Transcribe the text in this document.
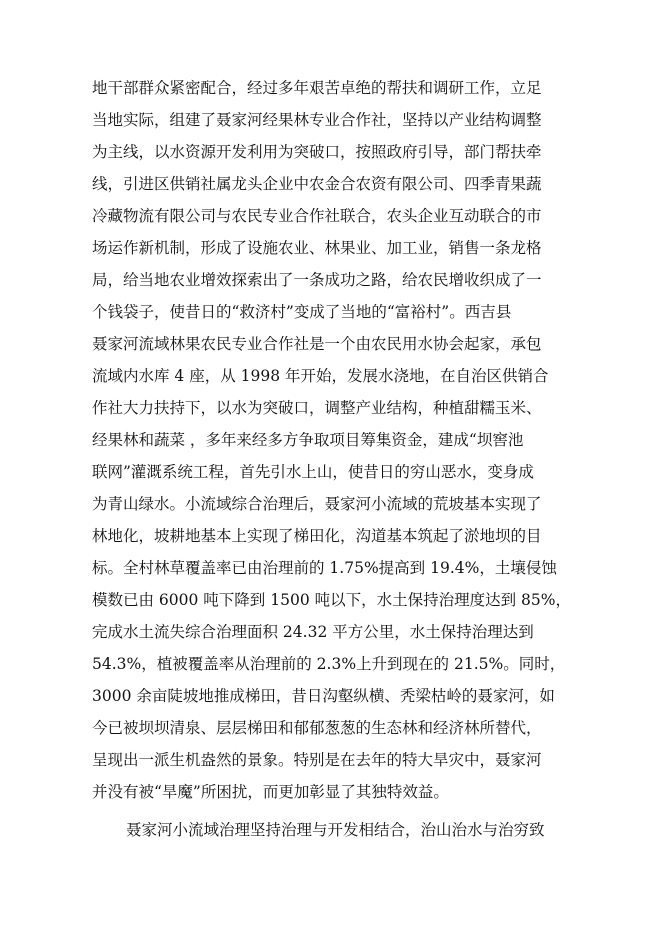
地干部群众紧密配合，经过多年艰苦卓绝的帮扶和调研工作，立足
当地实际，组建了聂家河经果林专业合作社，坚持以产业结构调整
为主线，以水资源开发利用为突破口，按照政府引导，部门帮扶牵
线，引进区供销社属龙头企业中农金合农资有限公司、四季青果蔬
冷藏物流有限公司与农民专业合作社联合，农头企业互动联合的市
场运作新机制，形成了设施农业、林果业、加工业，销售一条龙格
局，给当地农业增效探索出了一条成功之路，给农民增收织成了一
个钱袋子，使昔日的“救济村”变成了当地的“富裕村”。西吉县
聂家河流域林果农民专业合作社是一个由农民用水协会起家，承包
流域内水库 4 座，从 1998 年开始，发展水浇地，在自治区供销合
作社大力扶持下，以水为突破口，调整产业结构，种植甜糯玉米、
经果林和蔬菜 ，多年来经多方争取项目筹集资金，建成“坝窖池
联网”灌溉系统工程，首先引水上山，使昔日的穷山恶水，变身成
为青山绿水。小流域综合治理后，聂家河小流域的荒坡基本实现了
林地化，坡耕地基本上实现了梯田化，沟道基本筑起了淤地坝的目
标。全村林草覆盖率已由治理前的 1.75%提高到 19.4%，土壤侵蚀
模数已由 6000 吨下降到 1500 吨以下，水土保持治理度达到 85%，
完成水土流失综合治理面积 24.32 平方公里，水土保持治理达到
54.3%，植被覆盖率从治理前的 2.3%上升到现在的 21.5%。同时，
3000 余亩陡坡地推成梯田，昔日沟壑纵横、秃梁枯岭的聂家河，如
今已被坝坝清泉、层层梯田和郁郁葱葱的生态林和经济林所替代，
呈现出一派生机盎然的景象。特别是在去年的特大旱灾中，聂家河
并没有被“旱魔”所困扰，而更加彰显了其独特效益。
聂家河小流域治理坚持治理与开发相结合，治山治水与治穷致
